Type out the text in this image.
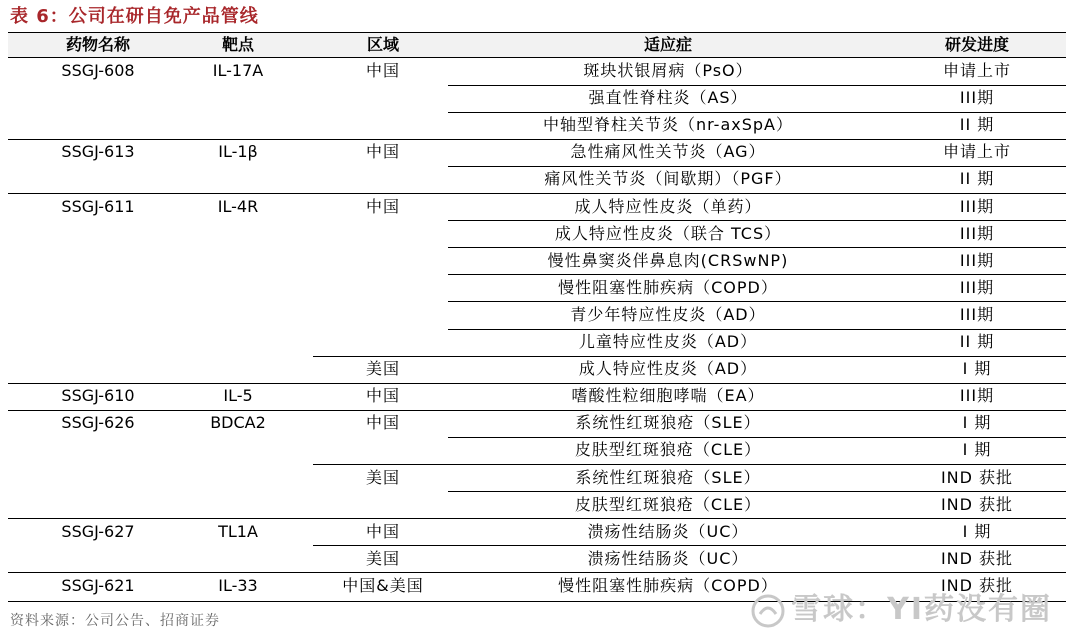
表 6：公司在研自免产品管线
药物名称	靶点	区域	适应症	研发进度
SSGJ-608	IL-17A	中国	斑块状银屑病（PsO）	申请上市
强直性脊柱炎（AS）	III期
中轴型脊柱关节炎（nr-axSpA）	II 期
SSGJ-613	IL-1β	中国	急性痛风性关节炎（AG）	申请上市
痛风性关节炎（间歇期）（PGF）	II 期
SSGJ-611	IL-4R	中国	成人特应性皮炎（单药）	III期
成人特应性皮炎（联合 TCS）	III期
慢性鼻窦炎伴鼻息肉(CRSwNP)	III期
慢性阻塞性肺疾病（COPD）	III期
青少年特应性皮炎（AD）	III期
儿童特应性皮炎（AD）	II 期
美国	成人特应性皮炎（AD）	I 期
SSGJ-610	IL-5	中国	嗜酸性粒细胞哮喘（EA）	III期
SSGJ-626	BDCA2	中国	系统性红斑狼疮（SLE）	I 期
皮肤型红斑狼疮（CLE）	I 期
美国	系统性红斑狼疮（SLE）	IND 获批
皮肤型红斑狼疮（CLE）	IND 获批
SSGJ-627	TL1A	中国	溃疡性结肠炎（UC）	I 期
美国	溃疡性结肠炎（UC）	IND 获批
SSGJ-621	IL-33	中国&美国	慢性阻塞性肺疾病（COPD）	IND 获批
资料来源：公司公告、招商证券	雪球：YI药没有圈
